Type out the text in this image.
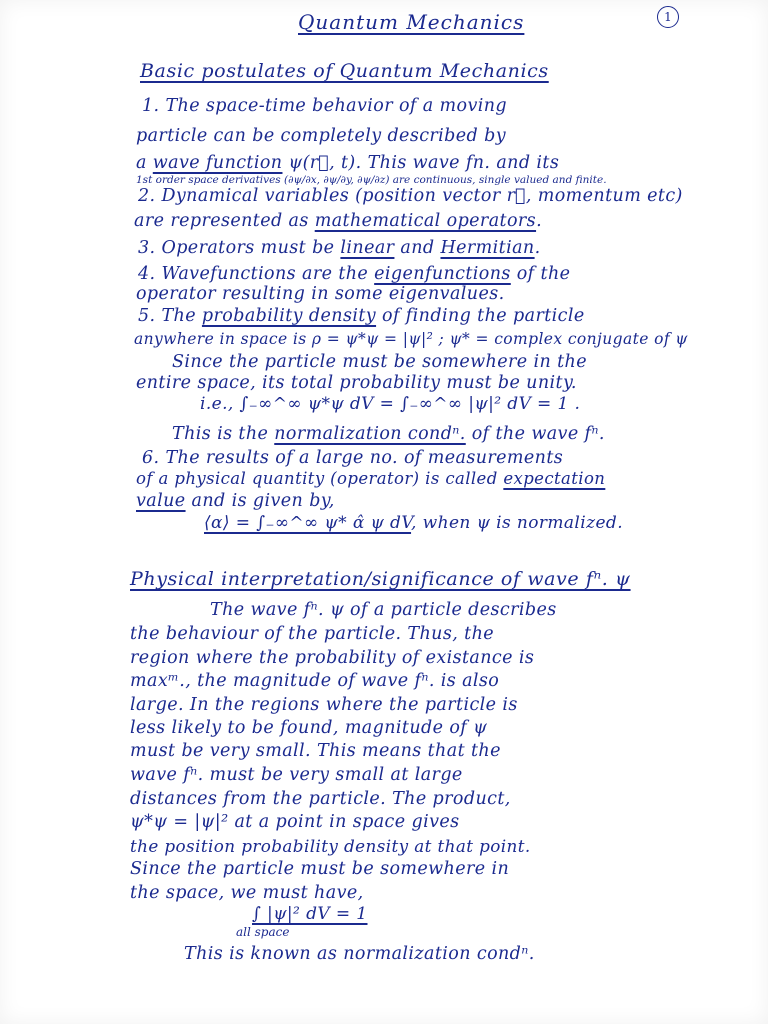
1
Quantum Mechanics
Basic postulates of Quantum Mechanics
1. The space-time behavior of a moving
particle can be completely described by
a wave function ψ(r⃗, t). This wave fn. and its
1st order space derivatives (∂ψ/∂x, ∂ψ/∂y, ∂ψ/∂z) are continuous, single valued and finite.
2. Dynamical variables (position vector r⃗, momentum etc)
are represented as mathematical operators.
3. Operators must be linear and Hermitian.
4. Wavefunctions are the eigenfunctions of the
operator resulting in some eigenvalues.
5. The probability density of finding the particle
anywhere in space is ρ = ψ*ψ = |ψ|² ; ψ* = complex conjugate of ψ
Since the particle must be somewhere in the
entire space, its total probability must be unity.
i.e., ∫₋∞^∞ ψ*ψ dV = ∫₋∞^∞ |ψ|² dV = 1 .
This is the normalization condⁿ. of the wave fⁿ.
6. The results of a large no. of measurements
of a physical quantity (operator) is called expectation
value and is given by,
⟨α⟩ = ∫₋∞^∞ ψ* α̂ ψ dV, when ψ is normalized.
Physical interpretation/significance of wave fⁿ. ψ
The wave fⁿ. ψ of a particle describes
the behaviour of the particle. Thus, the
region where the probability of existance is
maxᵐ., the magnitude of wave fⁿ. is also
large. In the regions where the particle is
less likely to be found, magnitude of ψ
must be very small. This means that the
wave fⁿ. must be very small at large
distances from the particle. The product,
ψ*ψ = |ψ|² at a point in space gives
the position probability density at that point.
Since the particle must be somewhere in
the space, we must have,
∫ |ψ|² dV = 1
all space
This is known as normalization condⁿ.
